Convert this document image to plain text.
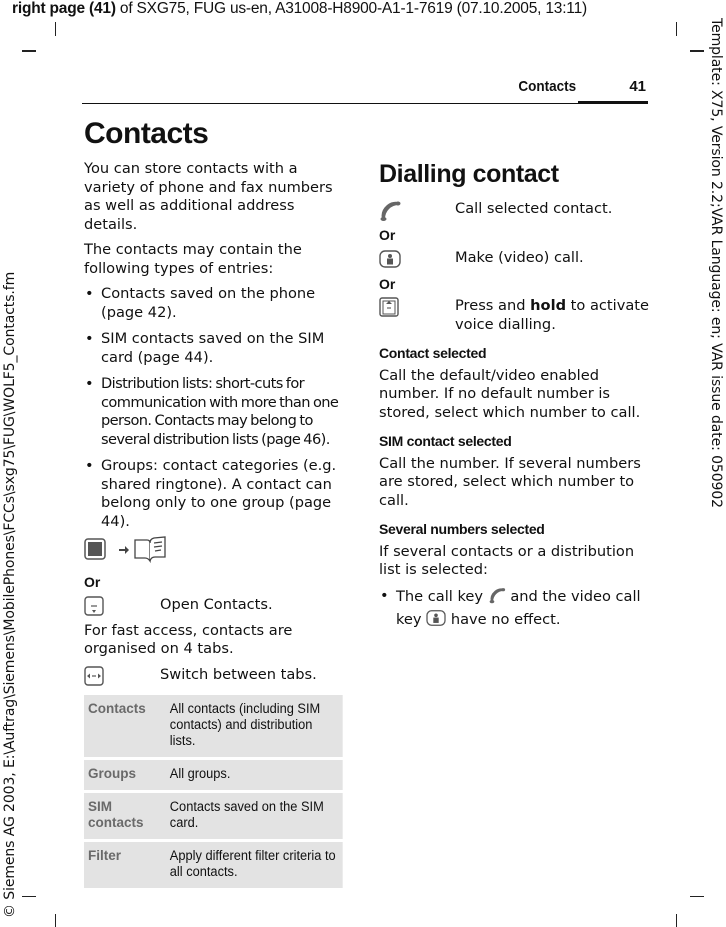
right page (41) of SXG75, FUG us-en, A31008-H8900-A1-1-7619 (07.10.2005, 13:11)
© Siemens AG 2003, E:\Auftrag\Siemens\MobilePhones\FCCs\sxg75\FUG\WOLF5_Contacts.fm
Template: X75, Version 2.2;VAR Language: en; VAR issue date: 050902
Contacts	41
Contacts

You can store contacts with a variety of phone and fax numbers as well as additional address details.

The contacts may contain the following types of entries:

• Contacts saved on the phone (page 42).
• SIM contacts saved on the SIM card (page 44).
• Distribution lists: short-cuts for communication with more than one person. Contacts may belong to several distribution lists (page 46).
• Groups: contact categories (e.g. shared ringtone). A contact can belong only to one group (page 44).
Or
Open Contacts.

For fast access, contacts are organised on 4 tabs.

Switch between tabs.
Contacts	All contacts (including SIM contacts) and distribution lists.
Groups	All groups.
SIM contacts	Contacts saved on the SIM card.
Filter	Apply different filter criteria to all contacts.
Dialling contact
Call selected contact.
Or
Make (video) call.
Or
Press and hold to activate voice dialling.
Contact selected

Call the default/video enabled number. If no default number is stored, select which number to call.

SIM contact selected

Call the number. If several numbers are stored, select which number to call.

Several numbers selected

If several contacts or a distribution list is selected:

• The call key  and the video call key  have no effect.
